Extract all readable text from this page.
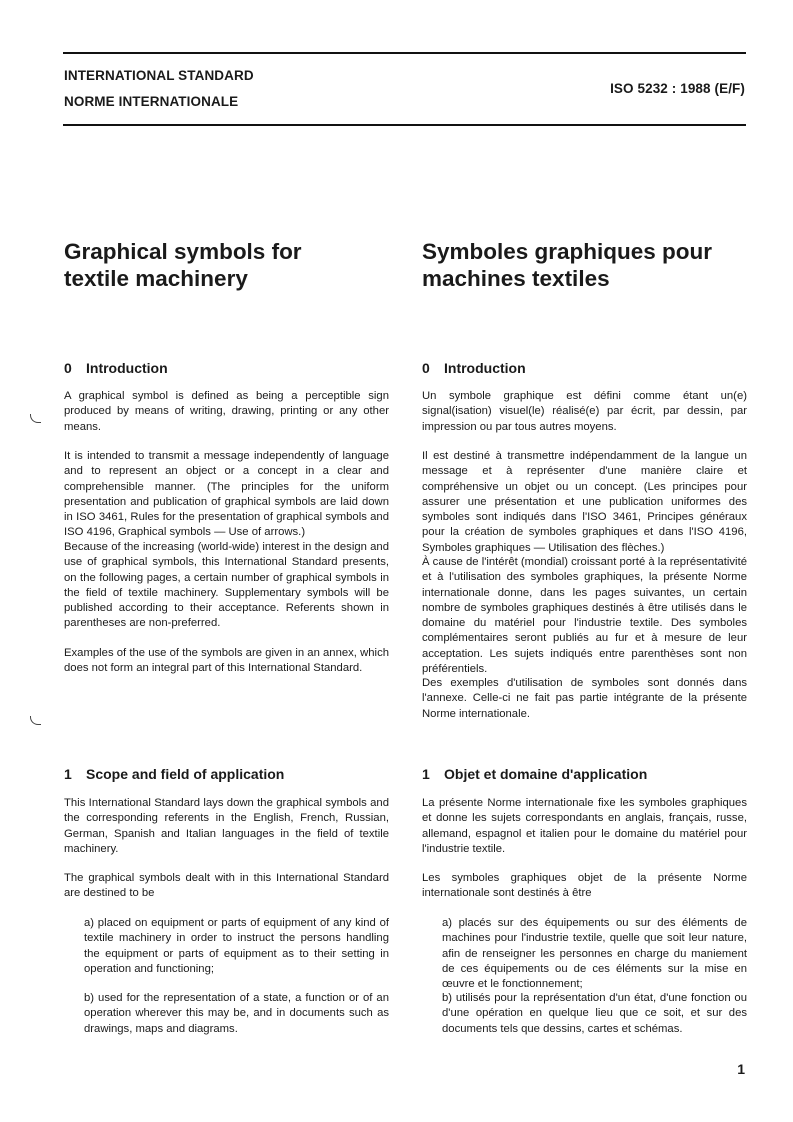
INTERNATIONAL STANDARD
NORME INTERNATIONALE
ISO 5232 : 1988 (E/F)
Graphical symbols for
textile machinery
Symboles graphiques pour
machines textiles
0 Introduction	0 Introduction

A graphical symbol is defined as being a perceptible sign produced by means of writing, drawing, printing or any other means.

It is intended to transmit a message independently of language and to represent an object or a concept in a clear and comprehensible manner. (The principles for the uniform presentation and publication of graphical symbols are laid down in ISO 3461, Rules for the presentation of graphical symbols and ISO 4196, Graphical symbols — Use of arrows.)

Because of the increasing (world-wide) interest in the design and use of graphical symbols, this International Standard presents, on the following pages, a certain number of graphical symbols in the field of textile machinery. Supplementary symbols will be published according to their acceptance. Referents shown in parentheses are non-preferred.

Examples of the use of the symbols are given in an annex, which does not form an integral part of this International Standard.

Un symbole graphique est défini comme étant un(e) signal(isation) visuel(le) réalisé(e) par écrit, par dessin, par impression ou par tous autres moyens.

Il est destiné à transmettre indépendamment de la langue un message et à représenter d'une manière claire et compréhensive un objet ou un concept. (Les principes pour assurer une présentation et une publication uniformes des symboles sont indiqués dans l'ISO 3461, Principes généraux pour la création de symboles graphiques et dans l'ISO 4196, Symboles graphiques — Utilisation des flèches.)

À cause de l'intérêt (mondial) croissant porté à la représentativité et à l'utilisation des symboles graphiques, la présente Norme internationale donne, dans les pages suivantes, un certain nombre de symboles graphiques destinés à être utilisés dans le domaine du matériel pour l'industrie textile. Des symboles complémentaires seront publiés au fur et à mesure de leur acceptation. Les sujets indiqués entre parenthèses sont non préférentiels.

Des exemples d'utilisation de symboles sont donnés dans l'annexe. Celle-ci ne fait pas partie intégrante de la présente Norme internationale.

1 Scope and field of application	1 Objet et domaine d'application

This International Standard lays down the graphical symbols and the corresponding referents in the English, French, Russian, German, Spanish and Italian languages in the field of textile machinery.

The graphical symbols dealt with in this International Standard are destined to be

a) placed on equipment or parts of equipment of any kind of textile machinery in order to instruct the persons handling the equipment or parts of equipment as to their setting in operation and functioning;

b) used for the representation of a state, a function or of an operation wherever this may be, and in documents such as drawings, maps and diagrams.

La présente Norme internationale fixe les symboles graphiques et donne les sujets correspondants en anglais, français, russe, allemand, espagnol et italien pour le domaine du matériel pour l'industrie textile.

Les symboles graphiques objet de la présente Norme internationale sont destinés à être

a) placés sur des équipements ou sur des éléments de machines pour l'industrie textile, quelle que soit leur nature, afin de renseigner les personnes en charge du maniement de ces équipements ou de ces éléments sur la mise en œuvre et le fonctionnement;

b) utilisés pour la représentation d'un état, d'une fonction ou d'une opération en quelque lieu que ce soit, et sur des documents tels que dessins, cartes et schémas.

1
